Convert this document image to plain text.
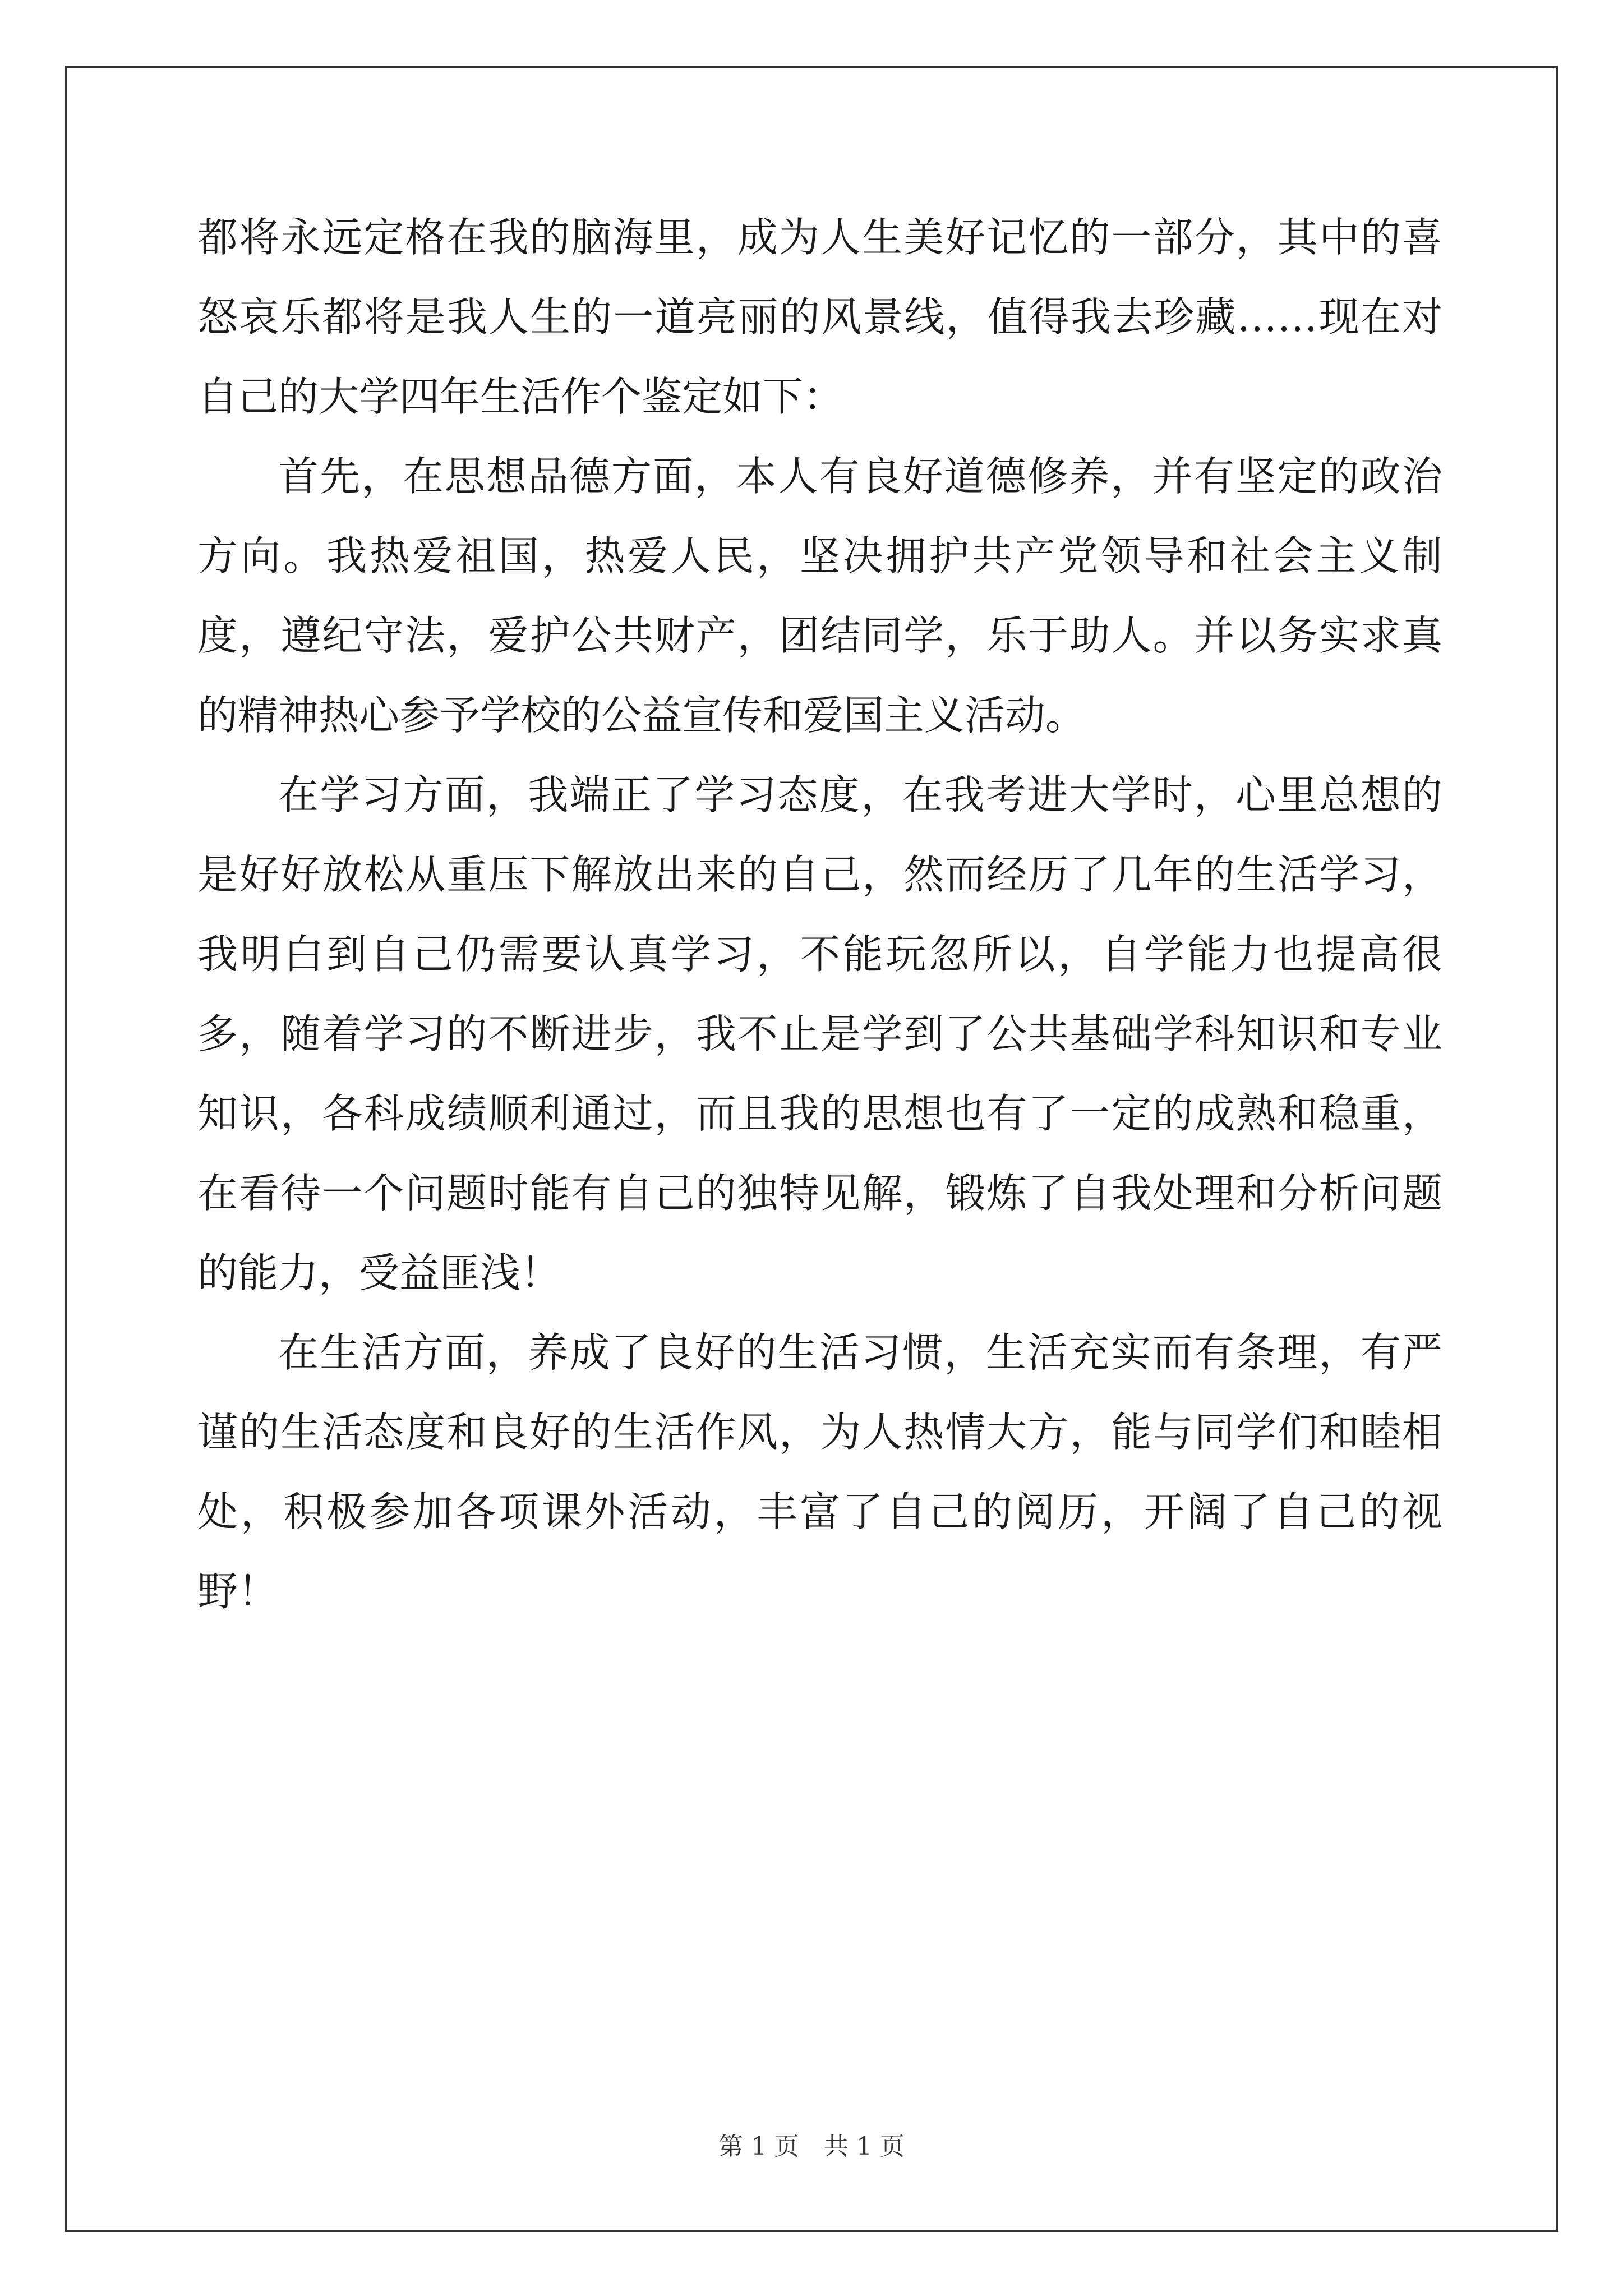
都将永远定格在我的脑海里，成为人生美好记忆的一部分，其中的喜怒哀乐都将是我人生的一道亮丽的风景线，值得我去珍藏……现在对自己的大学四年生活作个鉴定如下：

首先，在思想品德方面，本人有良好道德修养，并有坚定的政治方向。我热爱祖国，热爱人民，坚决拥护共产党领导和社会主义制度，遵纪守法，爱护公共财产，团结同学，乐于助人。并以务实求真的精神热心参予学校的公益宣传和爱国主义活动。

在学习方面，我端正了学习态度，在我考进大学时，心里总想的是好好放松从重压下解放出来的自己，然而经历了几年的生活学习，我明白到自己仍需要认真学习，不能玩忽所以，自学能力也提高很多，随着学习的不断进步，我不止是学到了公共基础学科知识和专业知识，各科成绩顺利通过，而且我的思想也有了一定的成熟和稳重，在看待一个问题时能有自己的独特见解，锻炼了自我处理和分析问题的能力，受益匪浅！

在生活方面，养成了良好的生活习惯，生活充实而有条理，有严谨的生活态度和良好的生活作风，为人热情大方，能与同学们和睦相处，积极参加各项课外活动，丰富了自己的阅历，开阔了自己的视野！

第 1 页　共 1 页
